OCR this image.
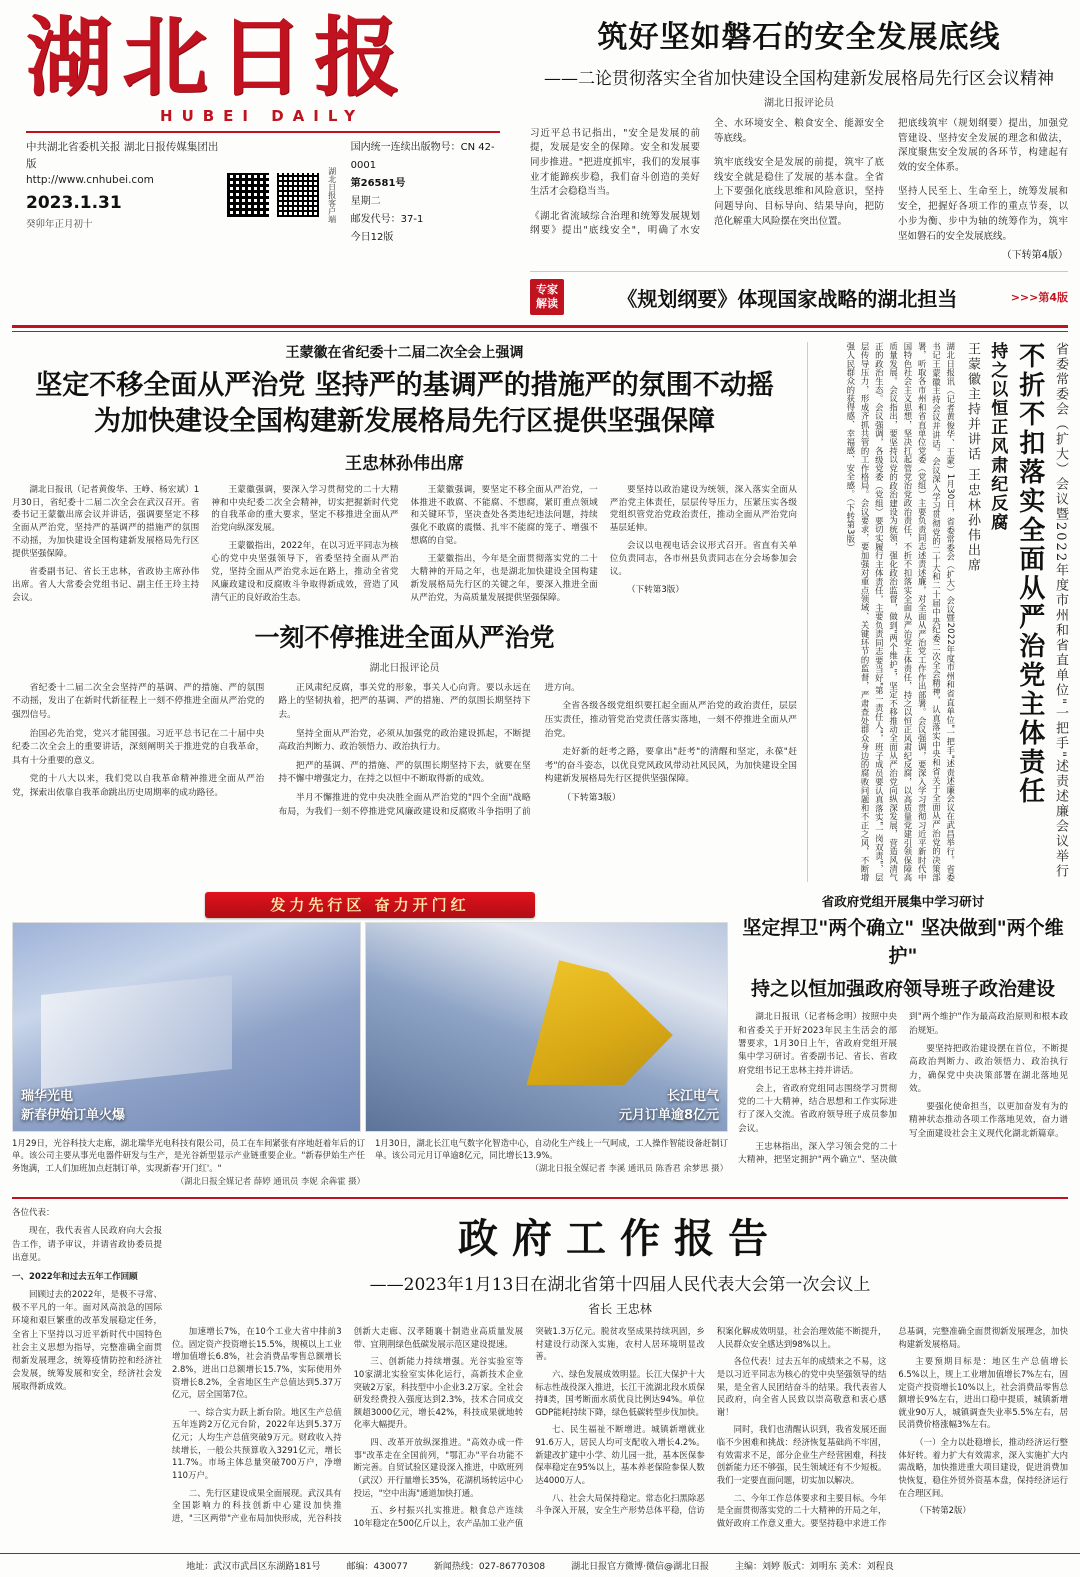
湖北日报
HUBEI DAILY
中共湖北省委机关报 湖北日报传媒集团出版
http://www.cnhubei.com
2023.1.31
癸卯年正月初十
湖北日报客户端
国内统一连续出版物号：CN 42-0001
第26581号
星期二
邮发代号：37-1
今日12版
筑好坚如磐石的安全发展底线
——二论贯彻落实全省加快建设全国构建新发展格局先行区会议精神
湖北日报评论员

习近平总书记指出，"安全是发展的前提，发展是安全的保障。安全和发展要同步推进。"把进度抓牢，我们的发展事业才能蹄疾步稳，我们奋斗创造的美好生活才会稳稳当当。

《湖北省流域综合治理和统筹发展规划纲要》提出"底线安全"，明确了水安全、水环境安全、粮食安全、能源安全等底线。

筑牢底线安全是发展的前提，筑牢了底线安全就是稳住了发展的基本盘。全省上下要强化底线思维和风险意识，坚持问题导向、目标导向、结果导向，把防范化解重大风险摆在突出位置。

把底线筑牢（规划纲要）提出，加强党管建设、坚持安全发展的理念和做法，深度聚焦安全发展的各环节，构建起有效的安全体系。

坚持人民至上、生命至上，统筹发展和安全，把握好各项工作的重点节奏，以小步为衡、步中为轴的统筹作为，筑牢坚如磐石的安全发展底线。

（下转第4版）
专家
解读	《规划纲要》体现国家战略的湖北担当	>>>第4版
王蒙徽在省纪委十二届二次全会上强调
坚定不移全面从严治党 坚持严的基调严的措施严的氛围不动摇
为加快建设全国构建新发展格局先行区提供坚强保障
王忠林孙伟出席

湖北日报讯（记者黄俊华、王峥、杨宏斌）1月30日，省纪委十二届二次全会在武汉召开。省委书记王蒙徽出席会议并讲话，强调要坚定不移全面从严治党，坚持严的基调严的措施严的氛围不动摇，为加快建设全国构建新发展格局先行区提供坚强保障。

省委副书记、省长王忠林，省政协主席孙伟出席。省人大常委会党组书记、副主任王玲主持会议。

王蒙徽强调，要深入学习贯彻党的二十大精神和中央纪委二次全会精神，切实把握新时代党的自我革命的重大要求，坚定不移推进全面从严治党向纵深发展。

王蒙徽指出，2022年，在以习近平同志为核心的党中央坚强领导下，省委坚持全面从严治党，坚持全面从严治党永远在路上，推动全省党风廉政建设和反腐败斗争取得新成效，营造了风清气正的良好政治生态。

王蒙徽强调，要坚定不移全面从严治党，一体推进不敢腐、不能腐、不想腐，紧盯重点领域和关键环节，坚决查处各类违纪违法问题，持续强化不敢腐的震慑、扎牢不能腐的笼子、增强不想腐的自觉。

王蒙徽指出，今年是全面贯彻落实党的二十大精神的开局之年，也是湖北加快建设全国构建新发展格局先行区的关键之年，要深入推进全面从严治党，为高质量发展提供坚强保障。

要坚持以政治建设为统领，深入落实全面从严治党主体责任，层层传导压力，压紧压实各级党组织管党治党政治责任，推动全面从严治党向基层延伸。

会议以电视电话会议形式召开。省直有关单位负责同志，各市州县负责同志在分会场参加会议。

（下转第3版）

一刻不停推进全面从严治党
湖北日报评论员

省纪委十二届二次全会坚持严的基调、严的措施、严的氛围不动摇，发出了在新时代新征程上一刻不停推进全面从严治党的强烈信号。

治国必先治党，党兴才能国强。习近平总书记在二十届中央纪委二次全会上的重要讲话，深刻阐明关于推进党的自我革命，具有十分重要的意义。

党的十八大以来，我们党以自我革命精神推进全面从严治党，探索出依靠自我革命跳出历史周期率的成功路径。

正风肃纪反腐，事关党的形象，事关人心向背。要以永远在路上的坚韧执着，把严的基调、严的措施、严的氛围长期坚持下去。

坚持全面从严治党，必须从加强党的政治建设抓起，不断提高政治判断力、政治领悟力、政治执行力。

把严的基调、严的措施、严的氛围长期坚持下去，就要在坚持不懈中增强定力，在持之以恒中不断取得新的成效。

半月不懈推进的党中央决胜全面从严治党的"四个全面"战略布局，为我们一刻不停推进党风廉政建设和反腐败斗争指明了前进方向。

全省各级各级党组织要扛起全面从严治党的政治责任，层层压实责任，推动管党治党责任落实落地，一刻不停推进全面从严治党。

走好新的赶考之路，要拿出"赶考"的清醒和坚定，永葆"赶考"的奋斗姿态，以优良党风政风带动社风民风，为加快建设全国构建新发展格局先行区提供坚强保障。

（下转第3版）	湖北日报讯（记者黄俊华、王蒙）1月30日，省委常委会（扩大）会议暨2022年度市州和省直单位"一把手"述责述廉会议在武昌举行。省委书记王蒙徽主持会议并讲话。会议深入学习贯彻党的二十大和二十届中央纪委二次全会精神，认真落实中央和省关于全面从严治党的决策部署，听取各市州和省直单位党委（党组）主要负责同志述责述廉，对全面从严治党工作作出部署。会议强调，要深入学习贯彻习近平新时代中国特色社会主义思想，坚决扛起管党治党政治责任，不折不扣落实全面从严治党主体责任，持之以恒正风肃纪反腐，以高质量党建引领保障高质量发展。会议指出，要坚持以党的政治建设为统领，强化政治监督，做到"两个维护"，坚定不移推动全面从严治党向纵深发展，营造风清气正的政治生态。会议强调，各级党委（党组）要切实履行主体责任，主要负责同志要当好"第一责任人"，班子成员要认真落实"一岗双责"，层层传导压力，形成齐抓共管的工作格局。会议要求，要加强对重点领域、关键环节的监督，严肃查处群众身边的腐败问题和不正之风，不断增强人民群众的获得感、幸福感、安全感。（下转第3版）	王蒙徽主持并讲话 王忠林孙伟出席 持之以恒正风肃纪反腐 不折不扣落实全面从严治党主体责任 省委常委会（扩大）会议暨2022年度市州和省直单位"一把手"述责述廉会议举行
发力先行区 奋力开门红
瑞华光电
新春伊始订单火爆
长江电气
元月订单逾8亿元
1月29日，光谷科技大走廊，湖北瑞华光电科技有限公司，员工在车间紧张有序地赶着年后的订单。该公司主要从事光电器件研发与生产，是光谷新型显示产业链重要企业。"新春伊始生产任务饱满，工人们加班加点赶制订单，实现新春'开门红'。"
（湖北日报全媒记者 薛婷 通讯员 李妮 余犇霍 摄）
1月30日，湖北长江电气数字化智造中心，自动化生产线上一气呵成，工人操作智能设备赶制订单。该公司元月订单逾8亿元，同比增长13.9%。
（湖北日报全媒记者 李溪 通讯员 陈香君 余梦思 摄）
省政府党组开展集中学习研讨
坚定捍卫"两个确立" 坚决做到"两个维护"
持之以恒加强政府领导班子政治建设

湖北日报讯（记者杨念明）按照中央和省委关于开好2023年民主生活会的部署要求，1月30日上午，省政府党组开展集中学习研讨。省委副书记、省长、省政府党组书记王忠林主持并讲话。

会上，省政府党组同志围绕学习贯彻党的二十大精神，结合思想和工作实际进行了深入交流。省政府领导班子成员参加会议。

王忠林指出，深入学习领会党的二十大精神，把坚定拥护"两个确立"、坚决做到"两个维护"作为最高政治原则和根本政治规矩。

要坚持把政治建设摆在首位，不断提高政治判断力、政治领悟力、政治执行力，确保党中央决策部署在湖北落地见效。

要强化使命担当，以更加奋发有为的精神状态推动各项工作落地见效，奋力谱写全面建设社会主义现代化湖北新篇章。

各位代表：

现在，我代表省人民政府向大会报告工作，请予审议，并请省政协委员提出意见。

一、2022年和过去五年工作回顾

回顾过去的2022年，是极不寻常、极不平凡的一年。面对风高浪急的国际环境和艰巨繁重的改革发展稳定任务，全省上下坚持以习近平新时代中国特色社会主义思想为指导，完整准确全面贯彻新发展理念，统筹疫情防控和经济社会发展，统筹发展和安全，经济社会发展取得新成效。

政府工作报告
——2023年1月13日在湖北省第十四届人民代表大会第一次会议上
省长 王忠林

加速增长7%，在10个工业大省中排前3位。固定资产投资增长15.5%，规模以上工业增加值增长6.8%，社会消费品零售总额增长2.8%，进出口总额增长15.7%，实际使用外资增长8.2%，全省地区生产总值达到5.37万亿元，居全国第7位。

一、综合实力跃上新台阶。地区生产总值五年连跨2万亿元台阶，2022年达到5.37万亿元；人均生产总值突破9万元。财政收入持续增长，一般公共预算收入3291亿元，增长11.7%。市场主体总量突破700万户，净增110万户。

二、先行区建设成果全面展现。武汉具有全国影响力的科技创新中心建设加快推进，"三区两带"产业布局加快形成，光谷科技创新大走廊、汉孝随襄十制造业高质量发展带、宜荆荆绿色低碳发展示范区建设提速。

三、创新能力持续增强。光谷实验室等10家湖北实验室实体化运行，高新技术企业突破2万家，科技型中小企业3.2万家。全社会研发经费投入强度达到2.3%，技术合同成交额超3000亿元，增长42%，科技成果就地转化率大幅提升。

四、改革开放纵深推进。"高效办成一件事"改革走在全国前列，"鄂汇办"平台功能不断完善。自贸试验区建设深入推进，中欧班列（武汉）开行量增长35%，花湖机场转运中心投运，"空中出海"通道加快打通。

五、乡村振兴扎实推进。粮食总产连续10年稳定在500亿斤以上，农产品加工业产值突破1.3万亿元。脱贫攻坚成果持续巩固，乡村建设行动深入实施，农村人居环境明显改善。

六、绿色发展成效明显。长江大保护十大标志性战役深入推进，长江干流湖北段水质保持Ⅱ类，国考断面水质优良比例达94%。单位GDP能耗持续下降，绿色低碳转型步伐加快。

七、民生福祉不断增进。城镇新增就业91.6万人，居民人均可支配收入增长4.2%。新建改扩建中小学、幼儿园一批，基本医保参保率稳定在95%以上，基本养老保险参保人数达4000万人。

八、社会大局保持稳定。常态化扫黑除恶斗争深入开展，安全生产形势总体平稳，信访积案化解成效明显，社会治理效能不断提升，人民群众安全感达到98%以上。

各位代表！过去五年的成绩来之不易，这是以习近平同志为核心的党中央坚强领导的结果，是全省人民团结奋斗的结果。我代表省人民政府，向全省人民致以崇高敬意和衷心感谢！

同时，我们也清醒认识到，我省发展还面临不少困难和挑战：经济恢复基础尚不牢固，有效需求不足，部分企业生产经营困难，科技创新能力还不够强，民生领域还有不少短板。我们一定要直面问题，切实加以解决。

二、今年工作总体要求和主要目标。今年是全面贯彻落实党的二十大精神的开局之年，做好政府工作意义重大。要坚持稳中求进工作总基调，完整准确全面贯彻新发展理念，加快构建新发展格局。

主要预期目标是：地区生产总值增长6.5%以上，规上工业增加值增长7%左右，固定资产投资增长10%以上，社会消费品零售总额增长9%左右，进出口稳中提质，城镇新增就业90万人，城镇调查失业率5.5%左右，居民消费价格涨幅3%左右。

（一）全力以赴稳增长，推动经济运行整体好转。着力扩大有效需求，深入实施扩大内需战略，加快推进重大项目建设，促进消费加快恢复，稳住外贸外资基本盘，保持经济运行在合理区间。

（下转第2版）

地址：武汉市武昌区东湖路181号	邮编：430077	新闻热线：027-86770308	湖北日报官方微博·微信@湖北日报	主编：刘婷 版式：刘明东 美术：刘程良
